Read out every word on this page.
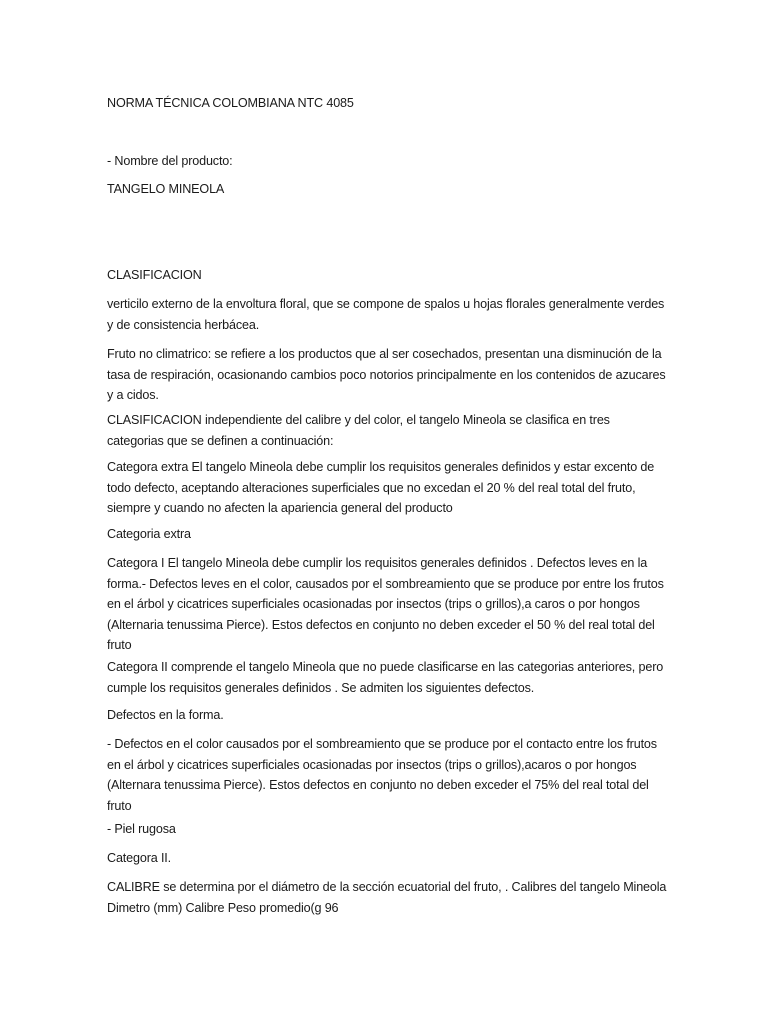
NORMA TÉCNICA COLOMBIANA NTC 4085
- Nombre del producto:
TANGELO MINEOLA
CLASIFICACION
verticilo externo de la envoltura floral, que se compone de spalos u hojas florales generalmente verdes y de consistencia herbácea.
Fruto no climatrico: se refiere a los productos que al ser cosechados, presentan una disminución de la tasa de respiración, ocasionando cambios poco notorios principalmente en los contenidos de azucares y a cidos.
CLASIFICACION independiente del calibre y del color, el tangelo Mineola se clasifica en tres categorias que se definen a continuación:
Categora extra El tangelo Mineola debe cumplir los requisitos generales definidos y estar excento de todo defecto, aceptando alteraciones superficiales que no excedan el 20 % del real total del fruto, siempre y cuando no afecten la apariencia general del producto
Categoria extra
Categora I El tangelo Mineola debe cumplir los requisitos generales definidos . Defectos leves en la forma.- Defectos leves en el color, causados por el sombreamiento que se produce por entre los frutos en el árbol y cicatrices superficiales ocasionadas por insectos (trips o grillos),a caros o por hongos (Alternaria tenussima Pierce). Estos defectos en conjunto no deben exceder el 50 % del real total del fruto
Categora II comprende el tangelo Mineola que no puede clasificarse en las categorias anteriores, pero cumple los requisitos generales definidos . Se admiten los siguientes defectos.
Defectos en la forma.
- Defectos en el color causados por el sombreamiento que se produce por el contacto entre los frutos en el árbol y cicatrices superficiales ocasionadas por insectos (trips o grillos),acaros o por hongos (Alternara tenussima Pierce). Estos defectos en conjunto no deben exceder el 75% del real total del fruto
- Piel rugosa
Categora II.
CALIBRE se determina por el diámetro de la sección ecuatorial del fruto, . Calibres del tangelo Mineola Dimetro (mm) Calibre Peso promedio(g 96
